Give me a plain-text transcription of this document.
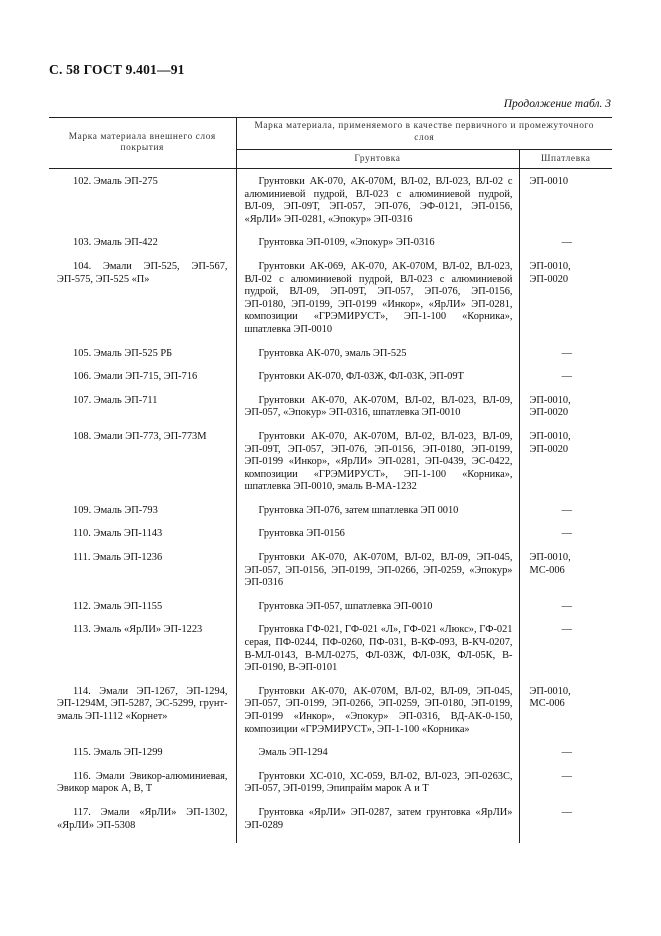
С. 58 ГОСТ 9.401—91
Продолжение табл. 3
Марка материала внешнего слоя покрытия	Марка материала, применяемого в качестве первичного и промежуточного слоя	
	Грунтовка	Шпатлевка

102. Эмаль ЭП-275	Грунтовки АК-070, АК-070М, ВЛ-02, ВЛ-023, ВЛ-02 с алюминиевой пудрой, ВЛ-023 с алюминиевой пудрой, ВЛ-09, ЭП-09Т, ЭП-057, ЭП-076, ЭФ-0121, ЭП-0156, «ЯрЛИ» ЭП-0281, «Эпокур» ЭП-0316	ЭП-0010

103. Эмаль ЭП-422	Грунтовка ЭП-0109, «Эпокур» ЭП-0316	—

104. Эмали ЭП-525, ЭП-567, ЭП-575, ЭП-525 «П»	Грунтовки АК-069, АК-070, АК-070М, ВЛ-02, ВЛ-023, ВЛ-02 с алюминиевой пудрой, ВЛ-023 с алюминиевой пудрой, ВЛ-09, ЭП-09Т, ЭП-057, ЭП-076, ЭП-0156, ЭП-0180, ЭП-0199, ЭП-0199 «Инкор», «ЯрЛИ» ЭП-0281, композиции «ГРЭМИРУСТ», ЭП-1-100 «Корника», шпатлевка ЭП-0010	ЭП-0010, ЭП-0020

105. Эмаль ЭП-525 РБ	Грунтовка АК-070, эмаль ЭП-525	—

106. Эмали ЭП-715, ЭП-716	Грунтовки АК-070, ФЛ-03Ж, ФЛ-03К, ЭП-09Т	—

107. Эмаль ЭП-711	Грунтовки АК-070, АК-070М, ВЛ-02, ВЛ-023, ВЛ-09, ЭП-057, «Эпокур» ЭП-0316, шпатлевка ЭП-0010	ЭП-0010, ЭП-0020

108. Эмали ЭП-773, ЭП-773М	Грунтовки АК-070, АК-070М, ВЛ-02, ВЛ-023, ВЛ-09, ЭП-09Т, ЭП-057, ЭП-076, ЭП-0156, ЭП-0180, ЭП-0199, ЭП-0199 «Инкор», «ЯрЛИ» ЭП-0281, ЭП-0439, ЭС-0422, композиции «ГРЭМИРУСТ», ЭП-1-100 «Корника», шпатлевка ЭП-0010, эмаль В-МА-1232	ЭП-0010, ЭП-0020

109. Эмаль ЭП-793	Грунтовка ЭП-076, затем шпатлевка ЭП 0010	—

110. Эмаль ЭП-1143	Грунтовка ЭП-0156	—

111. Эмаль ЭП-1236	Грунтовки АК-070, АК-070М, ВЛ-02, ВЛ-09, ЭП-045, ЭП-057, ЭП-0156, ЭП-0199, ЭП-0266, ЭП-0259, «Эпокур» ЭП-0316	ЭП-0010, МС-006

112. Эмаль ЭП-1155	Грунтовка ЭП-057, шпатлевка ЭП-0010	—

113. Эмаль «ЯрЛИ» ЭП-1223	Грунтовка ГФ-021, ГФ-021 «Л», ГФ-021 «Люкс», ГФ-021 серая, ПФ-0244, ПФ-0260, ПФ-031, В-КФ-093, В-КЧ-0207, В-МЛ-0143, В-МЛ-0275, ФЛ-03Ж, ФЛ-03К, ФЛ-05К, В-ЭП-0190, В-ЭП-0101	—

114. Эмали ЭП-1267, ЭП-1294, ЭП-1294М, ЭП-5287, ЭС-5299, грунт-эмаль ЭП-1112 «Корнет»	Грунтовки АК-070, АК-070М, ВЛ-02, ВЛ-09, ЭП-045, ЭП-057, ЭП-0199, ЭП-0266, ЭП-0259, ЭП-0180, ЭП-0199, ЭП-0199 «Инкор», «Эпокур» ЭП-0316, ВД-АК-0-150, композиции «ГРЭМИРУСТ», ЭП-1-100 «Корника»	ЭП-0010, МС-006

115. Эмаль ЭП-1299	Эмаль ЭП-1294	—

116. Эмали Эвикор-алюминиевая, Эвикор марок А, В, Т	Грунтовки ХС-010, ХС-059, ВЛ-02, ВЛ-023, ЭП-0263С, ЭП-057, ЭП-0199, Эпипрайм марок А и Т	—

117. Эмали «ЯрЛИ» ЭП-1302, «ЯрЛИ» ЭП-5308	Грунтовка «ЯрЛИ» ЭП-0287, затем грунтовка «ЯрЛИ» ЭП-0289	—
